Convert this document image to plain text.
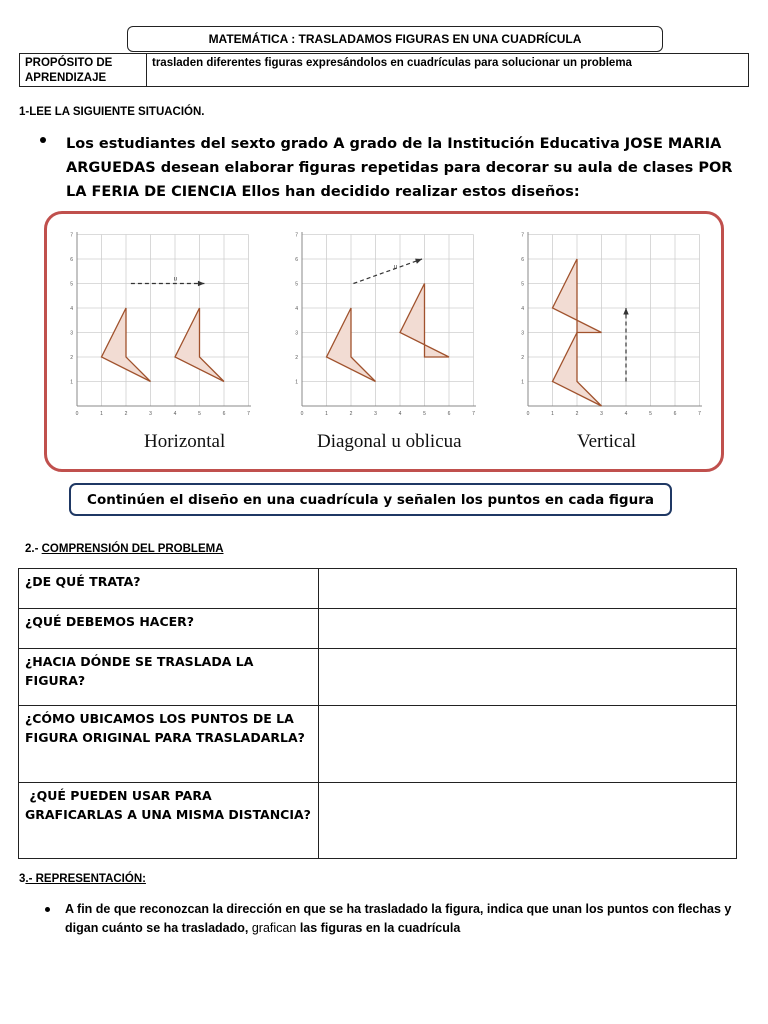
MATEMÁTICA : TRASLADAMOS FIGURAS EN UNA CUADRÍCULA
PROPÓSITO DE APRENDIZAJE
trasladen diferentes figuras expresándolos en cuadrículas para solucionar un problema
1-LEE LA SIGUIENTE SITUACIÓN.
Los estudiantes del sexto grado A grado de la Institución Educativa JOSE MARIA ARGUEDAS desean elaborar figuras repetidas para decorar su aula de clases POR LA FERIA DE CIENCIA Ellos han decidido realizar estos diseños:
0	1
1
2
2
3
3
4
4
5
5
6
6
7
7
u
Horizontal
0	1
1
2
2
3
3
4
4
5
5
6
6
7
7
u
Diagonal u oblicua
0	1
1
2
2
3
3
4
4
5
5
6
6
7
7
Vertical
Continúen el diseño en una cuadrícula y señalen los puntos en cada figura
2.- COMPRENSIÓN DEL PROBLEMA
¿DE QUÉ TRATA?	
¿QUÉ DEBEMOS HACER?	
¿HACIA DÓNDE SE TRASLADA LA FIGURA?	
¿CÓMO UBICAMOS LOS PUNTOS DE LA FIGURA ORIGINAL PARA TRASLADARLA?	
¿QUÉ PUEDEN USAR PARA GRAFICARLAS A UNA MISMA DISTANCIA?	
3.- REPRESENTACIÓN:
A fin de que reconozcan la dirección en que se ha trasladado la figura, indica que unan los puntos con flechas y digan cuánto se ha trasladado, grafican las figuras en la cuadrícula
